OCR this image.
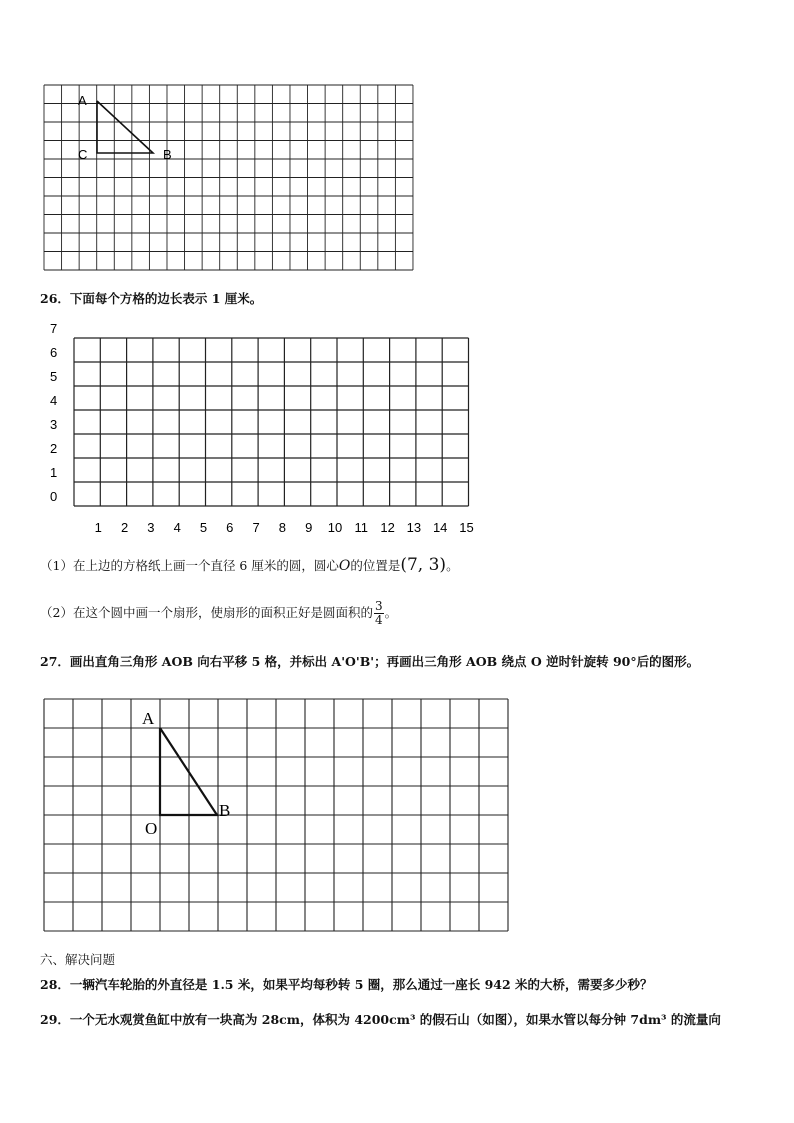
A
C	B
26．下面每个方格的边长表示 1 厘米。
0
1
2
3
4
5
6
7
1 2 3 4 5 6 7 8 9 10 11 12 13 14 15
（1）在上边的方格纸上画一个直径 6 厘米的圆，圆心O的位置是(7, 3)。
（2）在这个圆中画一个扇形，使扇形的面积正好是圆面积的 $\frac{3}{4}$ 。
27．画出直角三角形 AOB 向右平移 5 格，并标出 A'O'B'；再画出三角形 AOB 绕点 O 逆时针旋转 90°后的图形。
A
O
B
六、解决问题
28．一辆汽车轮胎的外直径是 1.5 米，如果平均每秒转 5 圈，那么通过一座长 942 米的大桥，需要多少秒？
29．一个无水观赏鱼缸中放有一块高为 28cm，体积为 4200cm³ 的假石山（如图），如果水管以每分钟 7dm³ 的流量向
